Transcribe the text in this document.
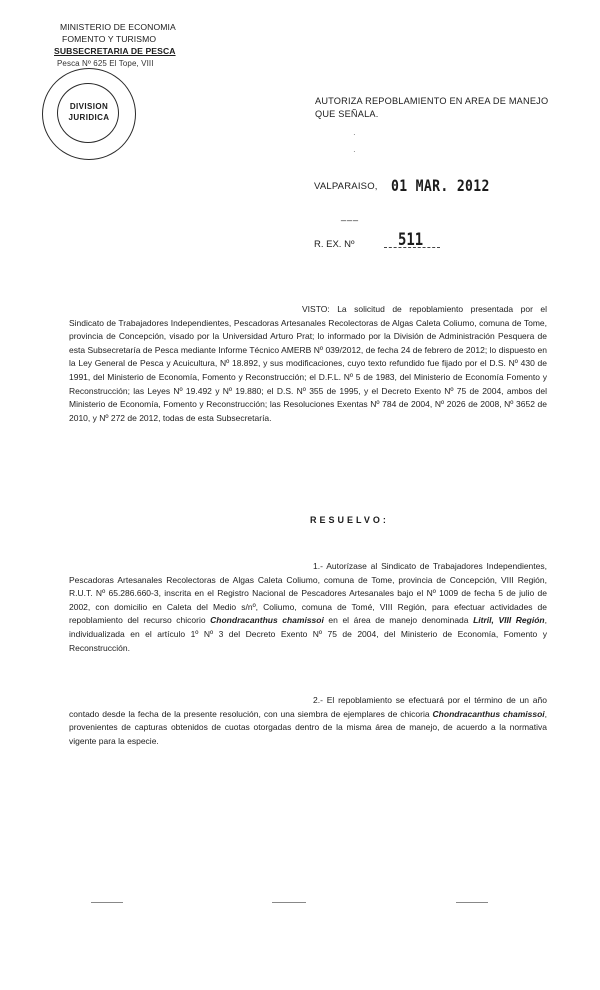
MINISTERIO DE ECONOMIA
FOMENTO Y TURISMO
SUBSECRETARIA DE PESCA
Pesca Nº 625 El Tope, VIII
DIVISION
JURIDICA
AUTORIZA REPOBLAMIENTO EN AREA DE MANEJO
QUE SEÑALA.
·
·
VALPARAISO, 01 MAR. 2012
___
R. EX. Nº	511
VISTO: La solicitud de repoblamiento presentada por el Sindicato de Trabajadores Independientes, Pescadoras Artesanales Recolectoras de Algas Caleta Coliumo, comuna de Tome, provincia de Concepción, visado por la Universidad Arturo Prat; lo informado por la División de Administración Pesquera de esta Subsecretaría de Pesca mediante Informe Técnico AMERB Nº 039/2012, de fecha 24 de febrero de 2012; lo dispuesto en la Ley General de Pesca y Acuicultura, Nº 18.892, y sus modificaciones, cuyo texto refundido fue fijado por el D.S. Nº 430 de 1991, del Ministerio de Economía, Fomento y Reconstrucción; el D.F.L. Nº 5 de 1983, del Ministerio de Economía Fomento y Reconstrucción; las Leyes Nº 19.492 y Nº 19.880; el D.S. Nº 355 de 1995, y el Decreto Exento Nº 75 de 2004, ambos del Ministerio de Economía, Fomento y Reconstrucción; las Resoluciones Exentas Nº 784 de 2004, Nº 2026 de 2008, Nº 3652 de 2010, y Nº 272 de 2012, todas de esta Subsecretaría.
RESUELVO:
1.- Autorízase al Sindicato de Trabajadores Independientes, Pescadoras Artesanales Recolectoras de Algas Caleta Coliumo, comuna de Tome, provincia de Concepción, VIII Región, R.U.T. Nº 65.286.660-3, inscrita en el Registro Nacional de Pescadores Artesanales bajo el Nº 1009 de fecha 5 de julio de 2002, con domicilio en Caleta del Medio s/nº, Coliumo, comuna de Tomé, VIII Región, para efectuar actividades de repoblamiento del recurso chicorio Chondracanthus chamissoi en el área de manejo denominada Litril, VIII Región, individualizada en el artículo 1º Nº 3 del Decreto Exento Nº 75 de 2004, del Ministerio de Economía, Fomento y Reconstrucción.
2.- El repoblamiento se efectuará por el término de un año contado desde la fecha de la presente resolución, con una siembra de ejemplares de chicoria Chondracanthus chamissoi, provenientes de capturas obtenidos de cuotas otorgadas dentro de la misma área de manejo, de acuerdo a la normativa vigente para la especie.
